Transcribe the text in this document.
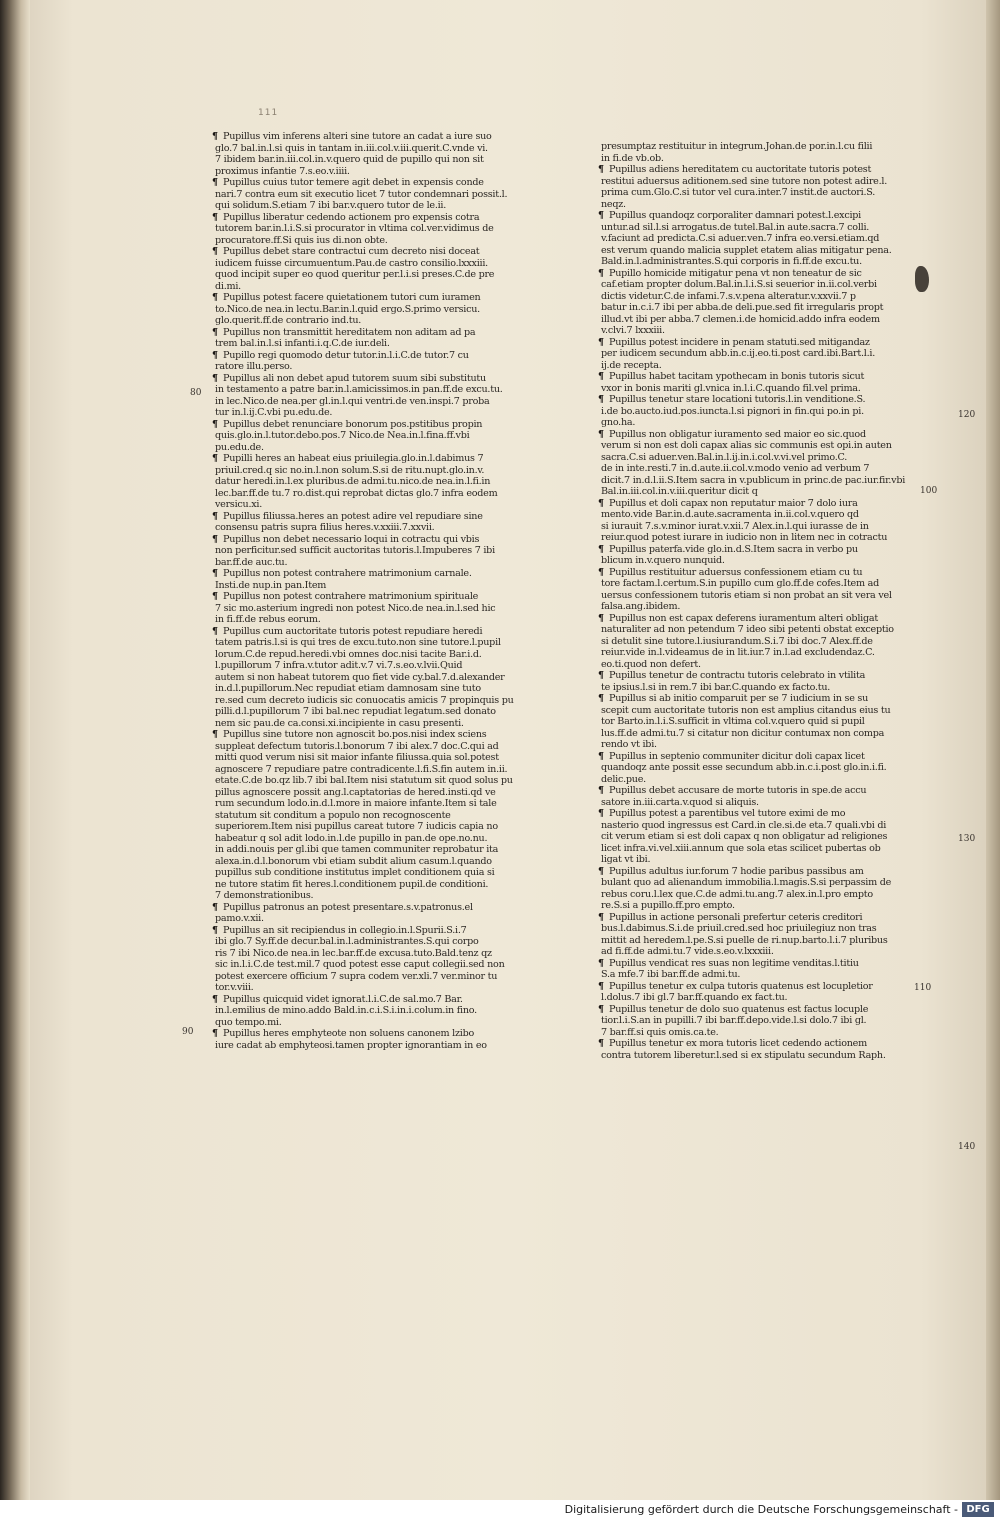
111
80
90
120
100
130
110
140
¶ Pupillus vim inferens alteri sine tutore an cadat a iure suo
glo.7 bal.in.l.si quis in tantam in.iii.col.v.iii.querit.C.vnde vi.
7 ibidem bar.in.iii.col.in.v.quero quid de pupillo qui non sit
proximus infantie 7.s.eo.v.iiii.
¶ Pupillus cuius tutor temere agit debet in expensis conde
nari.7 contra eum sit executio licet 7 tutor condemnari possit.l.
qui solidum.S.etiam 7 ibi bar.v.quero tutor de le.ii.
¶ Pupillus liberatur cedendo actionem pro expensis cotra
tutorem bar.in.l.i.S.si procurator in vltima col.ver.vidimus de
procuratore.ff.Si quis ius di.non obte.
¶ Pupillus debet stare contractui cum decreto nisi doceat
iudicem fuisse circumuentum.Pau.de castro consilio.lxxxiii.
quod incipit super eo quod queritur per.l.i.si preses.C.de pre
di.mi.
¶ Pupillus potest facere quietationem tutori cum iuramen
to.Nico.de nea.in lectu.Bar.in.l.quid ergo.S.primo versicu.
glo.querit.ff.de contrario ind.tu.
¶ Pupillus non transmittit hereditatem non aditam ad pa
trem bal.in.l.si infanti.i.q.C.de iur.deli.
¶ Pupillo regi quomodo detur tutor.in.l.i.C.de tutor.7 cu
ratore illu.perso.
¶ Pupillus ali non debet apud tutorem suum sibi substitutu
in testamento a patre bar.in.l.amicissimos.in pan.ff.de excu.tu.
in lec.Nico.de nea.per gl.in.l.qui ventri.de ven.inspi.7 proba
tur in.l.ij.C.vbi pu.edu.de.
¶ Pupillus debet renunciare bonorum pos.pstitibus propin
quis.glo.in.l.tutor.debo.pos.7 Nico.de Nea.in.l.fina.ff.vbi
pu.edu.de.
¶ Pupilli heres an habeat eius priuilegia.glo.in.l.dabimus 7
priuil.cred.q sic no.in.l.non solum.S.si de ritu.nupt.glo.in.v.
datur heredi.in.l.ex pluribus.de admi.tu.nico.de nea.in.l.fi.in
lec.bar.ff.de tu.7 ro.dist.qui reprobat dictas glo.7 infra eodem
versicu.xi.
¶ Pupillus filiussa.heres an potest adire vel repudiare sine
consensu patris supra filius heres.v.xxiii.7.xxvii.
¶ Pupillus non debet necessario loqui in cotractu qui vbis
non perficitur.sed sufficit auctoritas tutoris.l.Impuberes 7 ibi
bar.ff.de auc.tu.
¶ Pupillus non potest contrahere matrimonium carnale.
Insti.de nup.in pan.Item
¶ Pupillus non potest contrahere matrimonium spirituale
7 sic mo.asterium ingredi non potest Nico.de nea.in.l.sed hic
in fi.ff.de rebus eorum.
¶ Pupillus cum auctoritate tutoris potest repudiare heredi
tatem patris.l.si is qui tres de excu.tuto.non sine tutore.l.pupil
lorum.C.de repud.heredi.vbi omnes doc.nisi tacite Bar.i.d.
l.pupillorum 7 infra.v.tutor adit.v.7 vi.7.s.eo.v.lvii.Quid
autem si non habeat tutorem quo fiet vide cy.bal.7.d.alexander
in.d.l.pupillorum.Nec repudiat etiam damnosam sine tuto
re.sed cum decreto iudicis sic conuocatis amicis 7 propinquis pu
pilli.d.l.pupillorum 7 ibi bal.nec repudiat legatum.sed donato
nem sic pau.de ca.consi.xi.incipiente in casu presenti.
¶ Pupillus sine tutore non agnoscit bo.pos.nisi index sciens
suppleat defectum tutoris.l.bonorum 7 ibi alex.7 doc.C.qui ad
mitti quod verum nisi sit maior infante filiussa.quia sol.potest
agnoscere 7 repudiare patre contradicente.l.fi.S.fin autem in.ii.
etate.C.de bo.qz lib.7 ibi bal.Item nisi statutum sit quod solus pu
pillus agnoscere possit ang.l.captatorias de hered.insti.qd ve
rum secundum lodo.in.d.l.more in maiore infante.Item si tale
statutum sit conditum a populo non recognoscente
superiorem.Item nisi pupillus careat tutore 7 iudicis capia no
habeatur q sol adit lodo.in.l.de pupillo in pan.de ope.no.nu.
in addi.nouis per gl.ibi que tamen communiter reprobatur ita
alexa.in.d.l.bonorum vbi etiam subdit alium casum.l.quando
pupillus sub conditione institutus implet conditionem quia si
ne tutore statim fit heres.l.conditionem pupil.de conditioni.
7 demonstrationibus.
¶ Pupillus patronus an potest presentare.s.v.patronus.el
pamo.v.xii.
¶ Pupillus an sit recipiendus in collegio.in.l.Spurii.S.i.7
ibi glo.7 Sy.ff.de decur.bal.in.l.administrantes.S.qui corpo
ris 7 ibi Nico.de nea.in lec.bar.ff.de excusa.tuto.Bald.tenz qz
sic in.l.i.C.de test.mil.7 quod potest esse caput collegii.sed non
potest exercere officium 7 supra codem ver.xli.7 ver.minor tu
tor.v.viii.
¶ Pupillus quicquid videt ignorat.l.i.C.de sal.mo.7 Bar.
in.l.emilius de mino.addo Bald.in.c.i.S.i.in.i.colum.in fino.
quo tempo.mi.
¶ Pupillus heres emphyteote non soluens canonem lzibo
iure cadat ab emphyteosi.tamen propter ignorantiam in eo
presumptaz restituitur in integrum.Johan.de por.in.l.cu filii
in fi.de vb.ob.
¶ Pupillus adiens hereditatem cu auctoritate tutoris potest
restitui aduersus aditionem.sed sine tutore non potest adire.l.
prima cum.Glo.C.si tutor vel cura.inter.7 instit.de auctori.S.
neqz.
¶ Pupillus quandoqz corporaliter damnari potest.l.excipi
untur.ad sil.l.si arrogatus.de tutel.Bal.in aute.sacra.7 colli.
v.faciunt ad predicta.C.si aduer.ven.7 infra eo.versi.etiam.qd
est verum quando malicia supplet etatem alias mitigatur pena.
Bald.in.l.administrantes.S.qui corporis in fi.ff.de excu.tu.
¶ Pupillo homicide mitigatur pena vt non teneatur de sic
caf.etiam propter dolum.Bal.in.l.i.S.si seuerior in.ii.col.verbi
dictis videtur.C.de infami.7.s.v.pena alteratur.v.xxvii.7 p
batur in.c.i.7 ibi per abba.de deli.pue.sed fit irregularis propt
illud.vt ibi per abba.7 clemen.i.de homicid.addo infra eodem
v.clvi.7 lxxxiii.
¶ Pupillus potest incidere in penam statuti.sed mitigandaz
per iudicem secundum abb.in.c.ij.eo.ti.post card.ibi.Bart.l.i.
ij.de recepta.
¶ Pupillus habet tacitam ypothecam in bonis tutoris sicut
vxor in bonis mariti gl.vnica in.l.i.C.quando fil.vel prima.
¶ Pupillus tenetur stare locationi tutoris.l.in venditione.S.
i.de bo.aucto.iud.pos.iuncta.l.si pignori in fin.qui po.in pi.
gno.ha.
¶ Pupillus non obligatur iuramento sed maior eo sic.quod
verum si non est doli capax alias sic communis est opi.in auten
sacra.C.si aduer.ven.Bal.in.l.ij.in.i.col.v.vi.vel primo.C.
de in inte.resti.7 in.d.aute.ii.col.v.modo venio ad verbum 7
dicit.7 in.d.l.ii.S.Item sacra in v.publicum in princ.de pac.iur.fir.vbi
Bal.in.iii.col.in.v.iii.queritur dicit q
¶ Pupillus et doli capax non reputatur maior 7 dolo iura
mento.vide Bar.in.d.aute.sacramenta in.ii.col.v.quero qd
si iurauit 7.s.v.minor iurat.v.xii.7 Alex.in.l.qui iurasse de in
reiur.quod potest iurare in iudicio non in litem nec in cotractu
¶ Pupillus paterfa.vide glo.in.d.S.Item sacra in verbo pu
blicum in.v.quero nunquid.
¶ Pupillus restituitur aduersus confessionem etiam cu tu
tore factam.l.certum.S.in pupillo cum glo.ff.de cofes.Item ad
uersus confessionem tutoris etiam si non probat an sit vera vel
falsa.ang.ibidem.
¶ Pupillus non est capax deferens iuramentum alteri obligat
naturaliter ad non petendum 7 ideo sibi petenti obstat exceptio
si detulit sine tutore.l.iusiurandum.S.i.7 ibi doc.7 Alex.ff.de
reiur.vide in.l.videamus de in lit.iur.7 in.l.ad excludendaz.C.
eo.ti.quod non defert.
¶ Pupillus tenetur de contractu tutoris celebrato in vtilita
te ipsius.l.si in rem.7 ibi bar.C.quando ex facto.tu.
¶ Pupillus si ab initio comparuit per se 7 iudicium in se su
scepit cum auctoritate tutoris non est amplius citandus eius tu
tor Barto.in.l.i.S.sufficit in vltima col.v.quero quid si pupil
lus.ff.de admi.tu.7 si citatur non dicitur contumax non compa
rendo vt ibi.
¶ Pupillus in septenio communiter dicitur doli capax licet
quandoqz ante possit esse secundum abb.in.c.i.post glo.in.i.fi.
delic.pue.
¶ Pupillus debet accusare de morte tutoris in spe.de accu
satore in.iii.carta.v.quod si aliquis.
¶ Pupillus potest a parentibus vel tutore eximi de mo
nasterio quod ingressus est Card.in cle.si.de eta.7 quali.vbi di
cit verum etiam si est doli capax q non obligatur ad religiones
licet infra.vi.vel.xiii.annum que sola etas scilicet pubertas ob
ligat vt ibi.
¶ Pupillus adultus iur.forum 7 hodie paribus passibus am
bulant quo ad alienandum immobilia.l.magis.S.si perpassim de
rebus coru.l.lex que.C.de admi.tu.ang.7 alex.in.l.pro empto
re.S.si a pupillo.ff.pro empto.
¶ Pupillus in actione personali prefertur ceteris creditori
bus.l.dabimus.S.i.de priuil.cred.sed hoc priuilegiuz non tras
mittit ad heredem.l.pe.S.si puelle de ri.nup.barto.l.i.7 pluribus
ad fi.ff.de admi.tu.7 vide.s.eo.v.lxxxiii.
¶ Pupillus vendicat res suas non legitime venditas.l.titiu
S.a mfe.7 ibi bar.ff.de admi.tu.
¶ Pupillus tenetur ex culpa tutoris quatenus est locupletior
l.dolus.7 ibi gl.7 bar.ff.quando ex fact.tu.
¶ Pupillus tenetur de dolo suo quatenus est factus locuple
tior.l.i.S.an in pupilli.7 ibi bar.ff.depo.vide.l.si dolo.7 ibi gl.
7 bar.ff.si quis omis.ca.te.
¶ Pupillus tenetur ex mora tutoris licet cedendo actionem
contra tutorem liberetur.l.sed si ex stipulatu secundum Raph.
Digitalisierung gefördert durch die Deutsche Forschungsgemeinschaft - DFG
